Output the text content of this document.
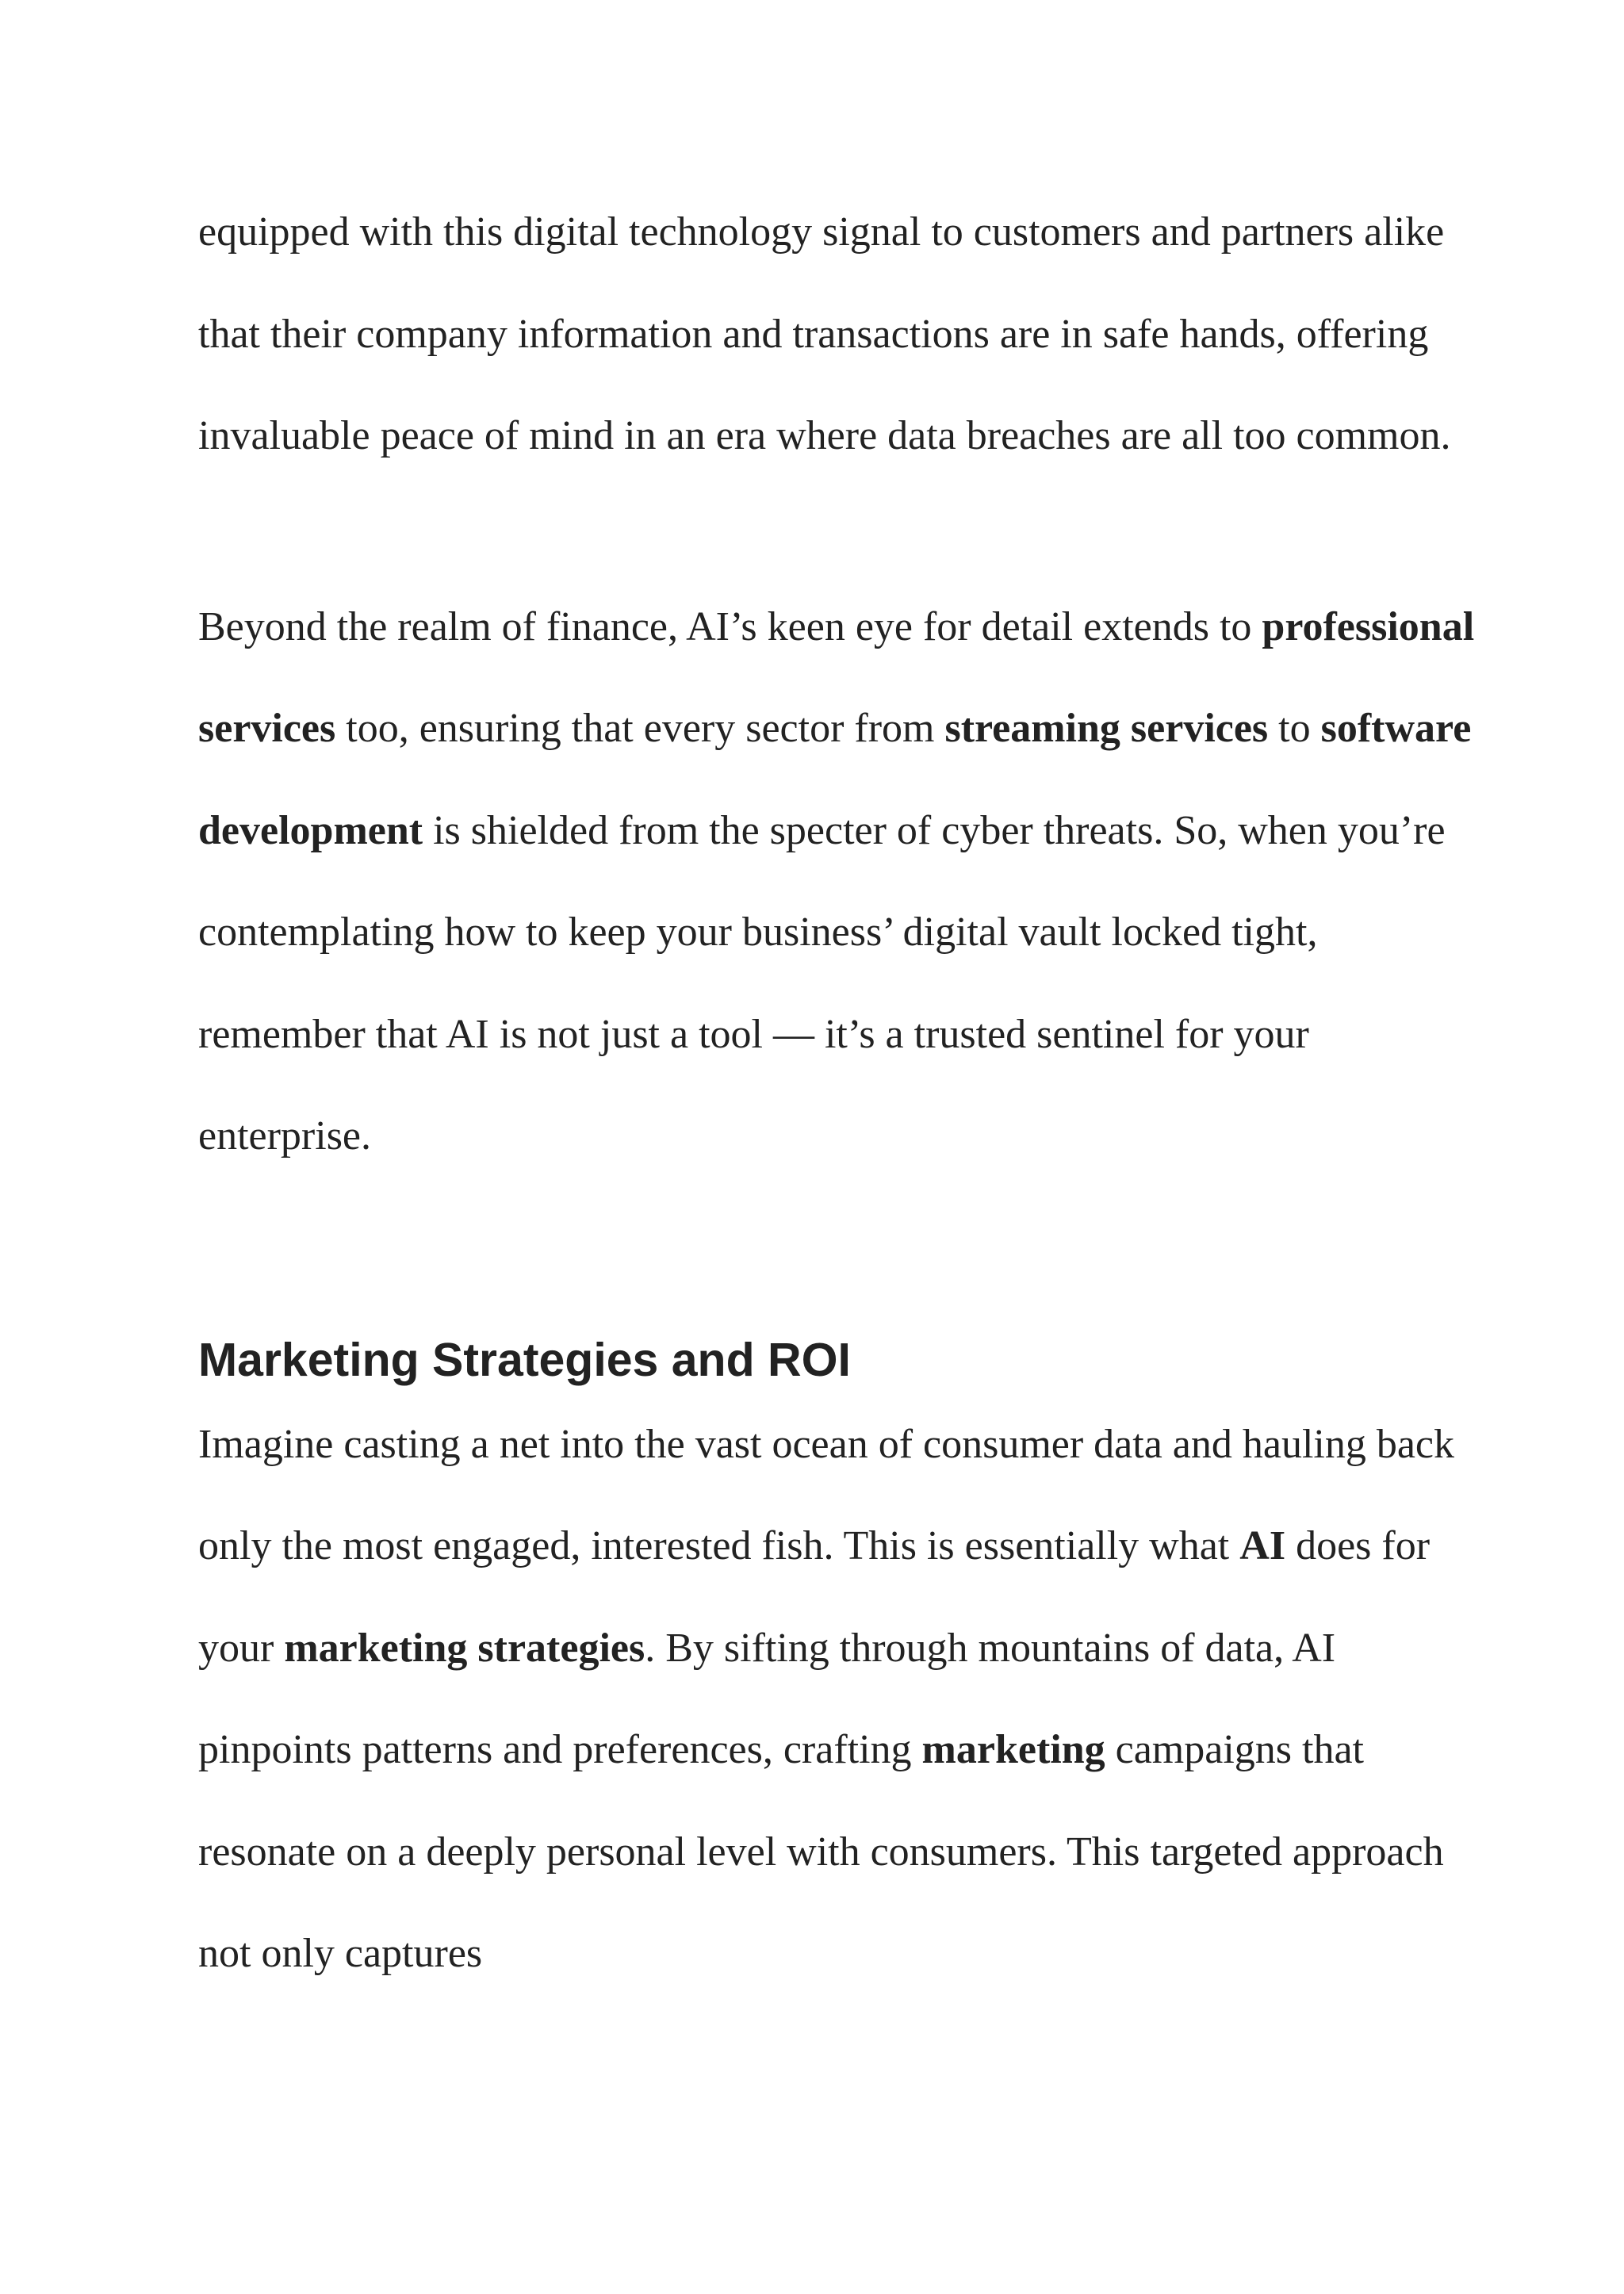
equipped with this digital technology signal to customers and partners alike that their company information and transactions are in safe hands, offering invaluable peace of mind in an era where data breaches are all too common.

Beyond the realm of finance, AI’s keen eye for detail extends to professional services too, ensuring that every sector from streaming services to software development is shielded from the specter of cyber threats. So, when you’re contemplating how to keep your business’ digital vault locked tight, remember that AI is not just a tool — it’s a trusted sentinel for your enterprise.

Marketing Strategies and ROI

Imagine casting a net into the vast ocean of consumer data and hauling back only the most engaged, interested fish. This is essentially what AI does for your marketing strategies. By sifting through mountains of data, AI pinpoints patterns and preferences, crafting marketing campaigns that resonate on a deeply personal level with consumers. This targeted approach not only captures
